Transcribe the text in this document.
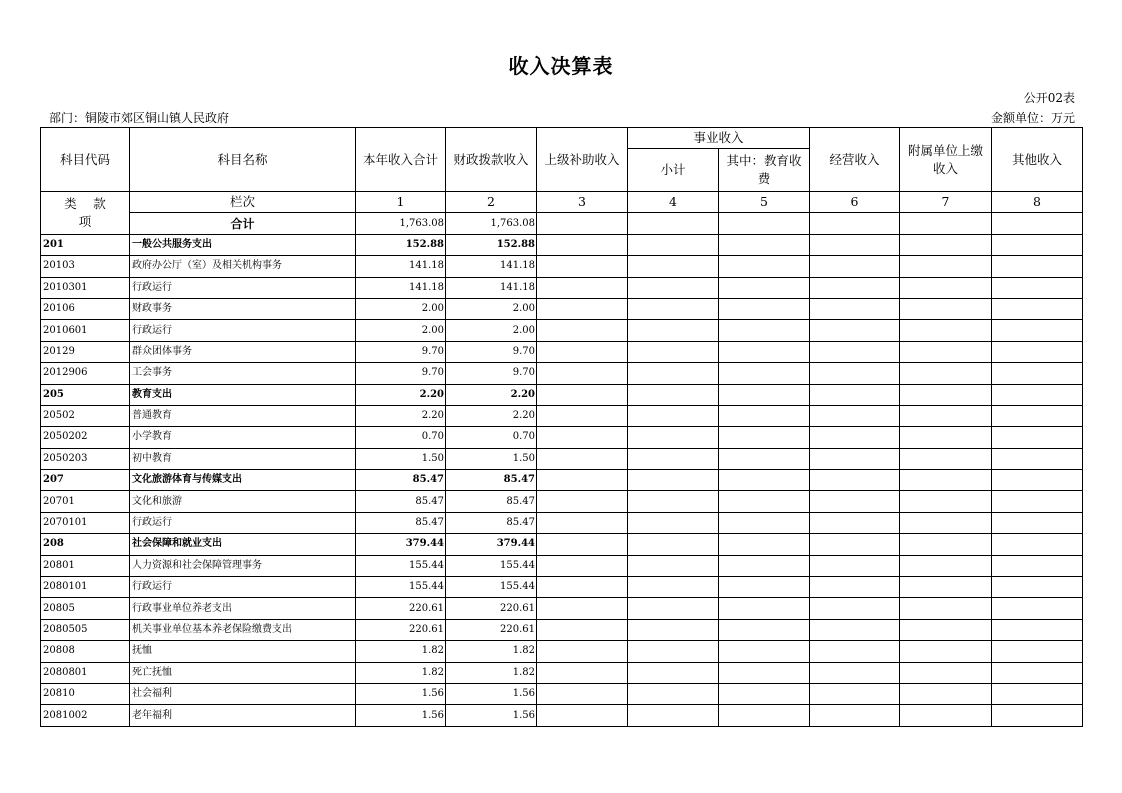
收入决算表
公开02表
部门：铜陵市郊区铜山镇人民政府	金额单位：万元
科目代码	科目名称	本年收入合计	财政拨款收入	上级补助收入	事业收入		经营收入	附属单位上缴收入	其他收入	
					小计	其中：教育收费				
类 款项	栏次	1	2	3	4	5	6	7	8	
	合计	1,763.08	1,763.08							
201	一般公共服务支出	152.88	152.88							
20103	政府办公厅（室）及相关机构事务	141.18	141.18							
2010301	行政运行	141.18	141.18							
20106	财政事务	2.00	2.00							
2010601	行政运行	2.00	2.00							
20129	群众团体事务	9.70	9.70							
2012906	工会事务	9.70	9.70							
205	教育支出	2.20	2.20							
20502	普通教育	2.20	2.20							
2050202	小学教育	0.70	0.70							
2050203	初中教育	1.50	1.50							
207	文化旅游体育与传媒支出	85.47	85.47							
20701	文化和旅游	85.47	85.47							
2070101	行政运行	85.47	85.47							
208	社会保障和就业支出	379.44	379.44							
20801	人力资源和社会保障管理事务	155.44	155.44							
2080101	行政运行	155.44	155.44							
20805	行政事业单位养老支出	220.61	220.61							
2080505	机关事业单位基本养老保险缴费支出	220.61	220.61							
20808	抚恤	1.82	1.82							
2080801	死亡抚恤	1.82	1.82							
20810	社会福利	1.56	1.56							
2081002	老年福利	1.56	1.56							
